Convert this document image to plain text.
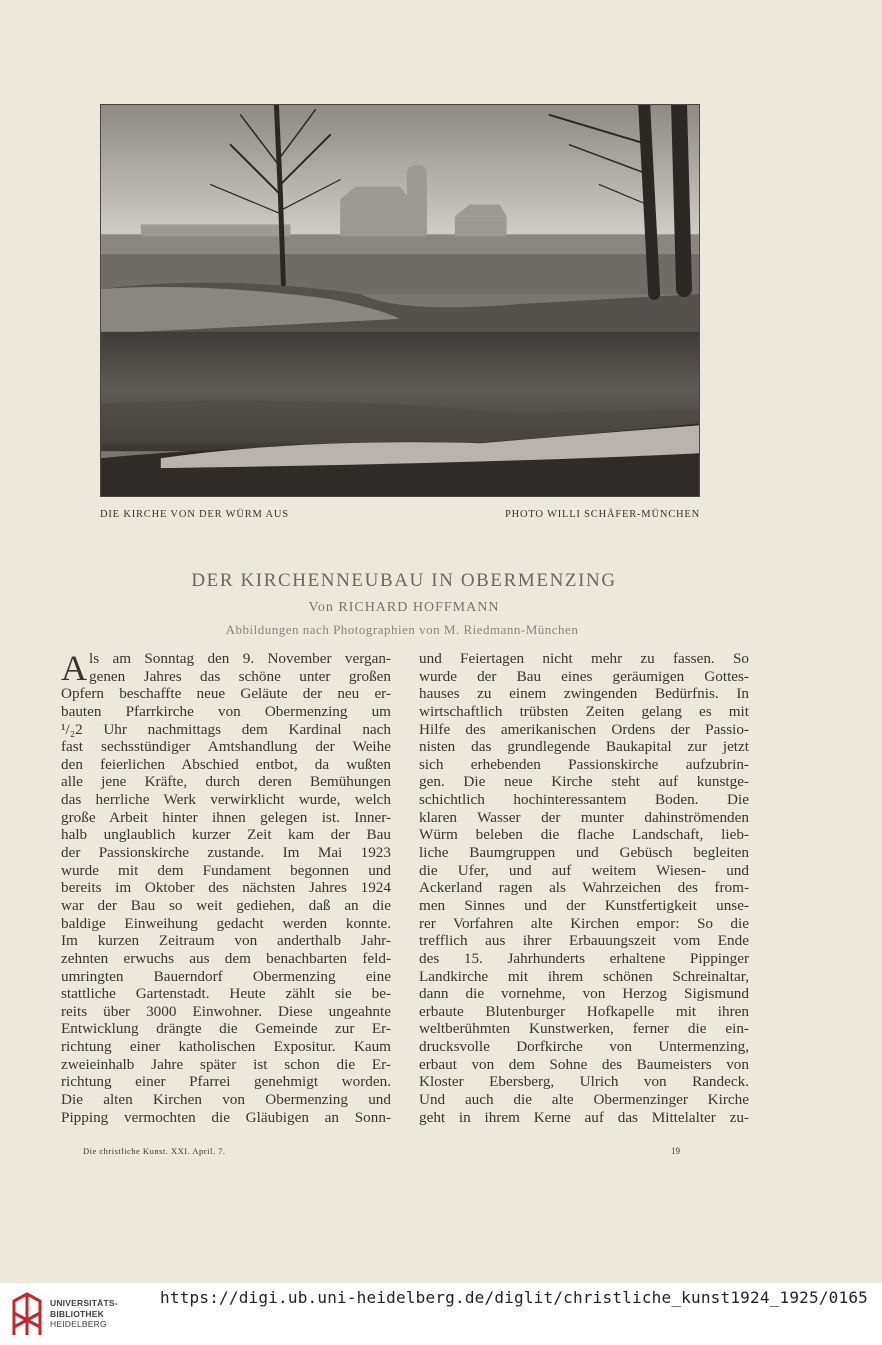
DIE KIRCHE VON DER WÜRM AUS	PHOTO WILLI SCHÄFER-MÜNCHEN
DER KIRCHENNEUBAU IN OBERMENZING
Von RICHARD HOFFMANN
Abbildungen nach Photographien von M. Riedmann-München
A ls am Sonntag den 9. November vergan-
genen Jahres das schöne unter großen
Opfern beschaffte neue Geläute der neu er-
bauten Pfarrkirche von Obermenzing um
¹/₂2 Uhr nachmittags dem Kardinal nach
fast sechsstündiger Amtshandlung der Weihe
den feierlichen Abschied entbot, da wußten
alle jene Kräfte, durch deren Bemühungen
das herrliche Werk verwirklicht wurde, welch
große Arbeit hinter ihnen gelegen ist. Inner-
halb unglaublich kurzer Zeit kam der Bau
der Passionskirche zustande. Im Mai 1923
wurde mit dem Fundament begonnen und
bereits im Oktober des nächsten Jahres 1924
war der Bau so weit gediehen, daß an die
baldige Einweihung gedacht werden konnte.
Im kurzen Zeitraum von anderthalb Jahr-
zehnten erwuchs aus dem benachbarten feld-
umringten Bauerndorf Obermenzing eine
stattliche Gartenstadt. Heute zählt sie be-
reits über 3000 Einwohner. Diese ungeahnte
Entwicklung drängte die Gemeinde zur Er-
richtung einer katholischen Expositur. Kaum
zweieinhalb Jahre später ist schon die Er-
richtung einer Pfarrei genehmigt worden.
Die alten Kirchen von Obermenzing und
Pipping vermochten die Gläubigen an Sonn-
und Feiertagen nicht mehr zu fassen. So
wurde der Bau eines geräumigen Gottes-
hauses zu einem zwingenden Bedürfnis. In
wirtschaftlich trübsten Zeiten gelang es mit
Hilfe des amerikanischen Ordens der Passio-
nisten das grundlegende Baukapital zur jetzt
sich erhebenden Passionskirche aufzubrin-
gen. Die neue Kirche steht auf kunstge-
schichtlich hochinteressantem Boden. Die
klaren Wasser der munter dahinströmenden
Würm beleben die flache Landschaft, lieb-
liche Baumgruppen und Gebüsch begleiten
die Ufer, und auf weitem Wiesen- und
Ackerland ragen als Wahrzeichen des from-
men Sinnes und der Kunstfertigkeit unse-
rer Vorfahren alte Kirchen empor: So die
trefflich aus ihrer Erbauungszeit vom Ende
des 15. Jahrhunderts erhaltene Pippinger
Landkirche mit ihrem schönen Schreinaltar,
dann die vornehme, von Herzog Sigismund
erbaute Blutenburger Hofkapelle mit ihren
weltberühmten Kunstwerken, ferner die ein-
drucksvolle Dorfkirche von Untermenzing,
erbaut von dem Sohne des Baumeisters von
Kloster Ebersberg, Ulrich von Randeck.
Und auch die alte Obermenzinger Kirche
geht in ihrem Kerne auf das Mittelalter zu-
Die christliche Kunst. XXI. April. 7.	19
UNIVERSITÄTS-
BIBLIOTHEK
HEIDELBERG
https://digi.ub.uni-heidelberg.de/diglit/christliche_kunst1924_1925/0165
